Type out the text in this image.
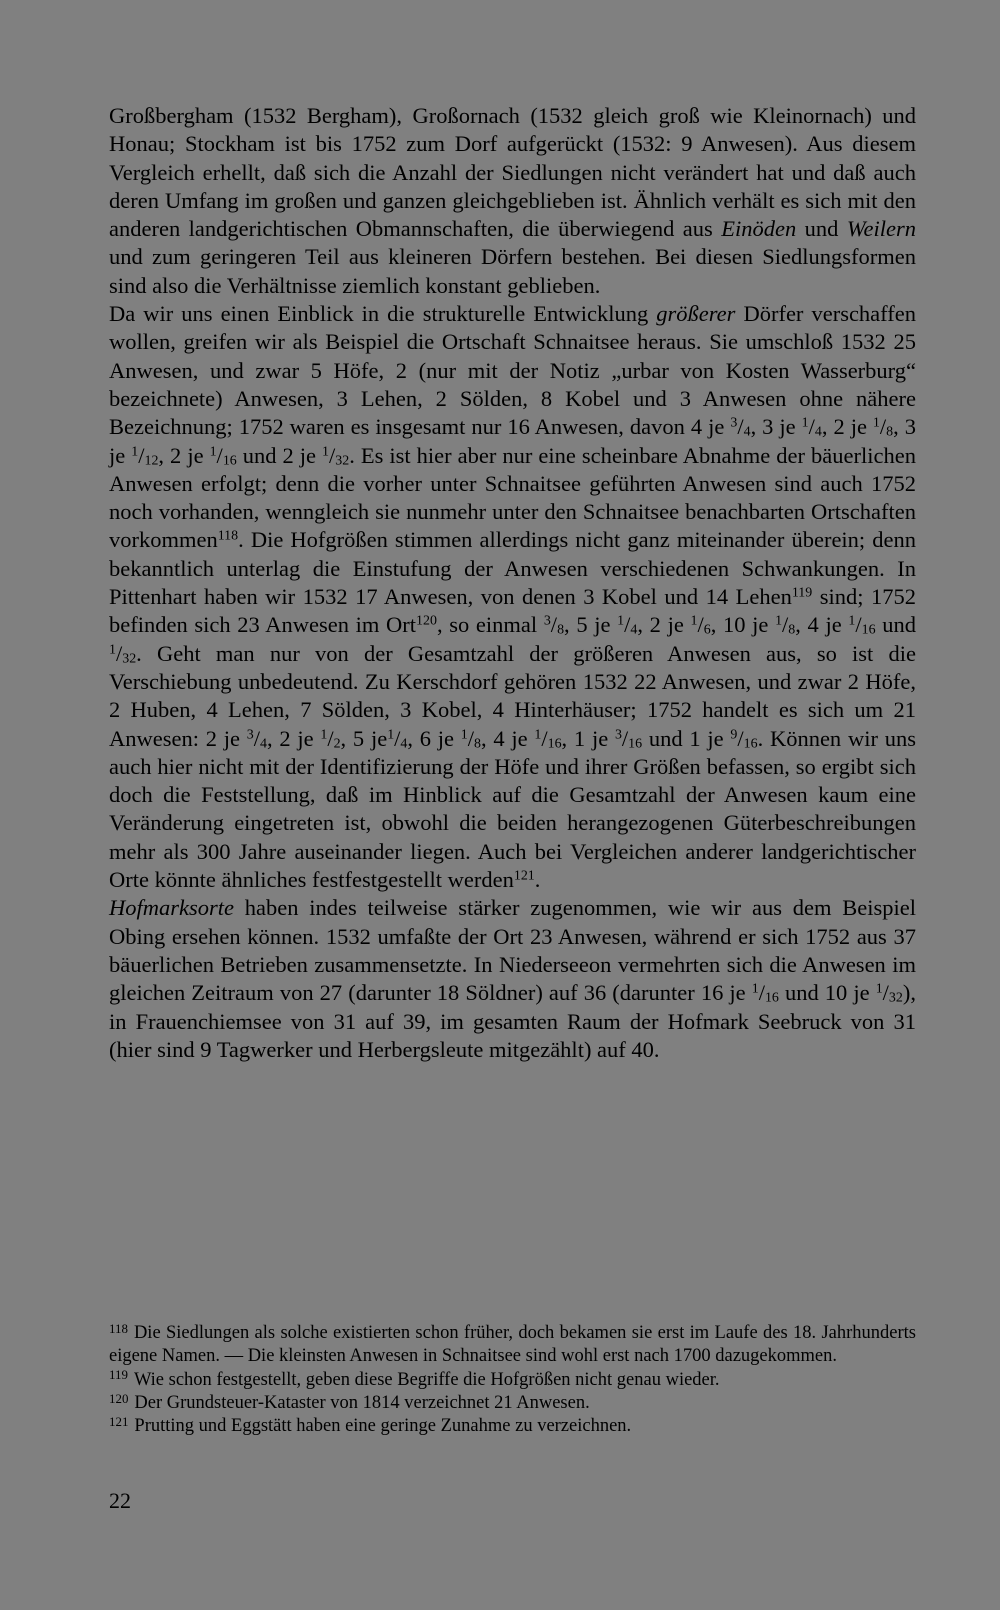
Großbergham (1532 Bergham), Großornach (1532 gleich groß wie Kleinornach) und Honau; Stockham ist bis 1752 zum Dorf aufgerückt (1532: 9 Anwesen). Aus diesem Vergleich erhellt, daß sich die Anzahl der Siedlungen nicht verändert hat und daß auch deren Umfang im großen und ganzen gleichgeblieben ist. Ähnlich verhält es sich mit den anderen landgerichtischen Obmannschaften, die überwiegend aus Einöden und Weilern und zum geringeren Teil aus kleineren Dörfern bestehen. Bei diesen Siedlungsformen sind also die Verhältnisse ziemlich konstant geblieben.

Da wir uns einen Einblick in die strukturelle Entwicklung größerer Dörfer verschaffen wollen, greifen wir als Beispiel die Ortschaft Schnaitsee heraus. Sie umschloß 1532 25 Anwesen, und zwar 5 Höfe, 2 (nur mit der Notiz „urbar von Kosten Wasserburg“ bezeichnete) Anwesen, 3 Lehen, 2 Sölden, 8 Kobel und 3 Anwesen ohne nähere Bezeichnung; 1752 waren es insgesamt nur 16 Anwesen, davon 4 je $^3/_4$, 3 je $^1/_4$, 2 je $^1/_8$, 3 je $^1/_{12}$, 2 je $^1/_{16}$ und 2 je $^1/_{32}$. Es ist hier aber nur eine scheinbare Abnahme der bäuerlichen Anwesen erfolgt; denn die vorher unter Schnaitsee geführten Anwesen sind auch 1752 noch vorhanden, wenngleich sie nunmehr unter den Schnaitsee benachbarten Ortschaften vorkommen$^{118}$. Die Hofgrößen stimmen allerdings nicht ganz miteinander überein; denn bekanntlich unterlag die Einstufung der Anwesen verschiedenen Schwankungen. In Pittenhart haben wir 1532 17 Anwesen, von denen 3 Kobel und 14 Lehen$^{119}$ sind; 1752 befinden sich 23 Anwesen im Ort$^{120}$, so einmal $^3/_8$, 5 je $^1/_4$, 2 je $^1/_6$, 10 je $^1/_8$, 4 je $^1/_{16}$ und $^1/_{32}$. Geht man nur von der Gesamtzahl der größeren Anwesen aus, so ist die Verschiebung unbedeutend. Zu Kerschdorf gehören 1532 22 Anwesen, und zwar 2 Höfe, 2 Huben, 4 Lehen, 7 Sölden, 3 Kobel, 4 Hinterhäuser; 1752 handelt es sich um 21 Anwesen: 2 je $^3/_4$, 2 je $^1/_2$, 5 $je^1/_4$, 6 je $^1/_8$, 4 je $^1/_{16}$, 1 je $^3/_{16}$ und 1 je $^9/_{16}$. Können wir uns auch hier nicht mit der Identifizierung der Höfe und ihrer Größen befassen, so ergibt sich doch die Feststellung, daß im Hinblick auf die Gesamtzahl der Anwesen kaum eine Veränderung eingetreten ist, obwohl die beiden herangezogenen Güterbeschreibungen mehr als 300 Jahre auseinander liegen. Auch bei Vergleichen anderer landgerichtischer Orte könnte ähnliches festfestgestellt werden$^{121}$.

Hofmarksorte haben indes teilweise stärker zugenommen, wie wir aus dem Beispiel Obing ersehen können. 1532 umfaßte der Ort 23 Anwesen, während er sich 1752 aus 37 bäuerlichen Betrieben zusammensetzte. In Niederseeon vermehrten sich die Anwesen im gleichen Zeitraum von 27 (darunter 18 Söldner) auf 36 (darunter 16 je $^1/_{16}$ und 10 je $^1/_{32}$), in Frauenchiemsee von 31 auf 39, im gesamten Raum der Hofmark Seebruck von 31 (hier sind 9 Tagwerker und Herbergsleute mitgezählt) auf 40.

$^{118}$ Die Siedlungen als solche existierten schon früher, doch bekamen sie erst im Laufe des 18. Jahrhunderts eigene Namen. — Die kleinsten Anwesen in Schnaitsee sind wohl erst nach 1700 dazugekommen.

$^{119}$ Wie schon festgestellt, geben diese Begriffe die Hofgrößen nicht genau wieder.

$^{120}$ Der Grundsteuer-Kataster von 1814 verzeichnet 21 Anwesen.

$^{121}$ Prutting und Eggstätt haben eine geringe Zunahme zu verzeichnen.

22
